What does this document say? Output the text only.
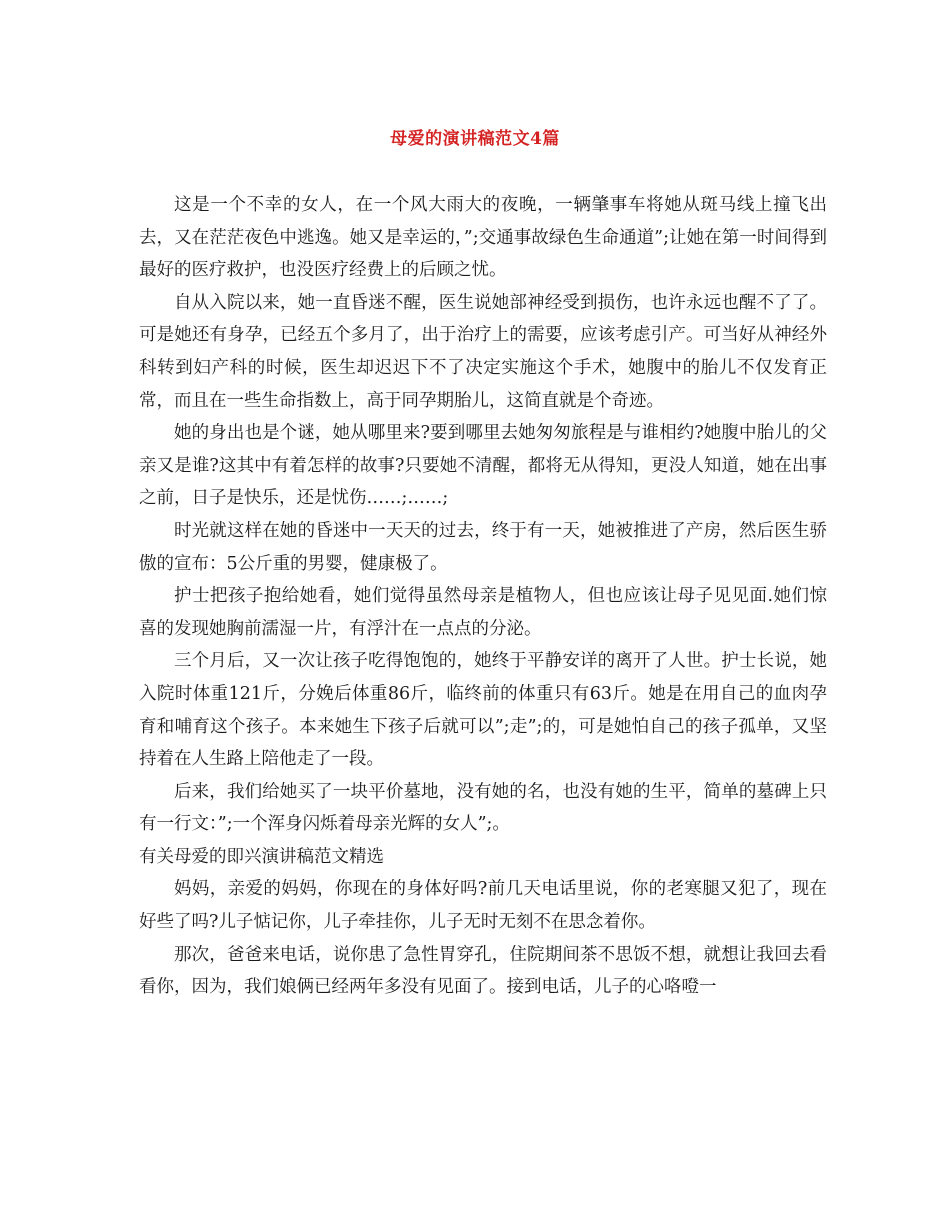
母爱的演讲稿范文4篇

这是一个不幸的女人，在一个风大雨大的夜晚，一辆肇事车将她从斑马线上撞飞出去，又在茫茫夜色中逃逸。她又是幸运的，”;交通事故绿色生命通道”;让她在第一时间得到最好的医疗救护，也没医疗经费上的后顾之忧。

自从入院以来，她一直昏迷不醒，医生说她部神经受到损伤，也许永远也醒不了了。可是她还有身孕，已经五个多月了，出于治疗上的需要，应该考虑引产。可当好从神经外科转到妇产科的时候，医生却迟迟下不了决定实施这个手术，她腹中的胎儿不仅发育正常，而且在一些生命指数上，高于同孕期胎儿，这简直就是个奇迹。

她的身出也是个谜，她从哪里来?要到哪里去她匆匆旅程是与谁相约?她腹中胎儿的父亲又是谁?这其中有着怎样的故事?只要她不清醒，都将无从得知，更没人知道，她在出事之前，日子是快乐，还是忧伤……;……;

时光就这样在她的昏迷中一天天的过去，终于有一天，她被推进了产房，然后医生骄傲的宣布：5公斤重的男婴，健康极了。

护士把孩子抱给她看，她们觉得虽然母亲是植物人，但也应该让母子见见面.她们惊喜的发现她胸前濡湿一片，有浮汁在一点点的分泌。

三个月后，又一次让孩子吃得饱饱的，她终于平静安详的离开了人世。护士长说，她入院时体重121斤，分娩后体重86斤，临终前的体重只有63斤。她是在用自己的血肉孕育和哺育这个孩子。本来她生下孩子后就可以”;走”;的，可是她怕自己的孩子孤单，又坚持着在人生路上陪他走了一段。

后来，我们给她买了一块平价墓地，没有她的名，也没有她的生平，简单的墓碑上只有一行文：”;一个浑身闪烁着母亲光辉的女人”;。

有关母爱的即兴演讲稿范文精选

妈妈，亲爱的妈妈，你现在的身体好吗?前几天电话里说，你的老寒腿又犯了，现在好些了吗?儿子惦记你，儿子牵挂你，儿子无时无刻不在思念着你。

那次，爸爸来电话，说你患了急性胃穿孔，住院期间茶不思饭不想，就想让我回去看看你，因为，我们娘俩已经两年多没有见面了。接到电话，儿子的心咯噔一
